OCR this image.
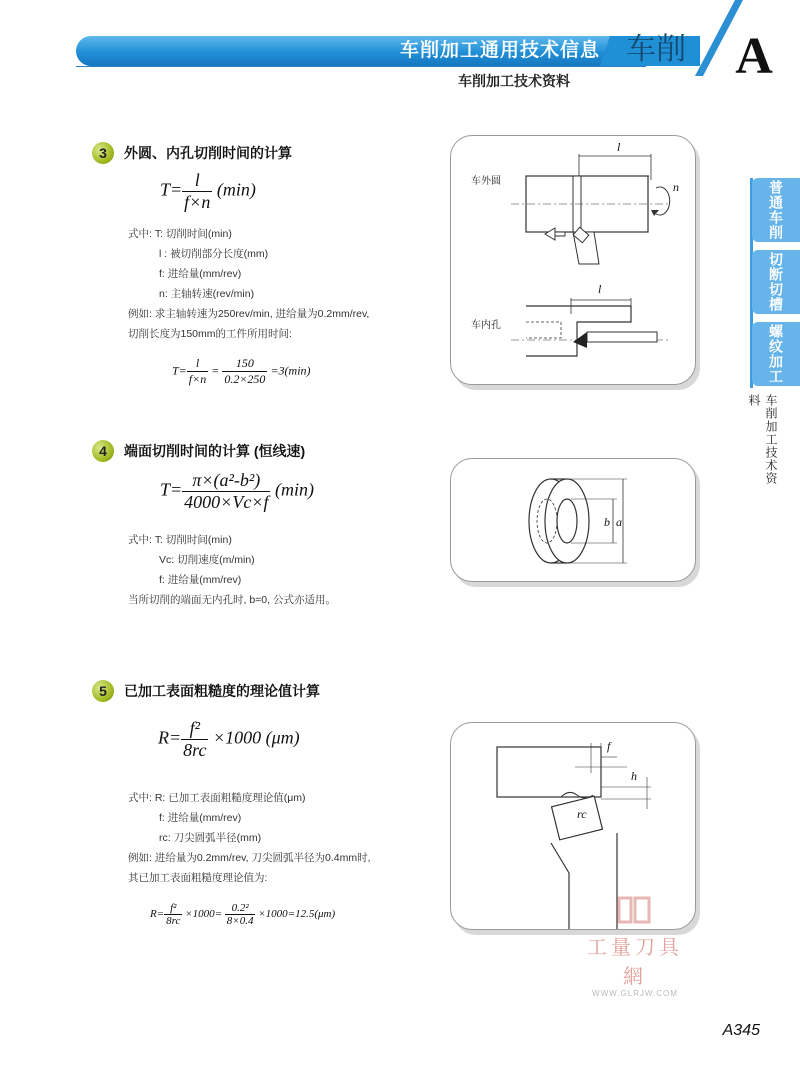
车削加工通用技术信息
车削加工技术资料
车削 A
普通车削
切断切槽
螺纹加工
车削加工技术资料
3	外圆、内孔切削时间的计算
$T= \frac{l}{f\times n} (\min)$
式中: T: 切削时间(min)
l : 被切削部分长度(mm)
f: 进给量(mm/rev)
n: 主轴转速(rev/min)
例如: 求主轴转速为250rev/min, 进给量为0.2mm/rev,
切削长度为150mm的工件所用时间:
$T= \frac{l}{f\times n} = \frac{150}{0.2\times 250} =3(\min)$
车外圆
车内孔
l
l
n
4	端面切削时间的计算 (恒线速)
$T= \frac{\text{π×(a²-b²)}}{4000\times Vc\times f} (\min)$
式中: T: 切削时间(min)
Vc: 切削速度(m/min)
f: 进给量(mm/rev)
当所切削的端面无内孔时, b=0, 公式亦适用。
b a
5	已加工表面粗糙度的理论值计算
$R= \frac{\text{f²}}{8rc} \times 1000$ (μm)
式中: R: 已加工表面粗糙度理论值(μm)
f: 进给量(mm/rev)
rc: 刀尖圆弧半径(mm)
例如: 进给量为0.2mm/rev, 刀尖圆弧半径为0.4mm时,
其已加工表面粗糙度理论值为:
$R= \frac{\text{f²}}{8rc} \times 1000= \frac{\text{0.2²}}{8\times 0.4} \times 1000=12.5(\mu m)$
f
h
rc
工量刀具網
WWW.GLRJW.COM
A345
